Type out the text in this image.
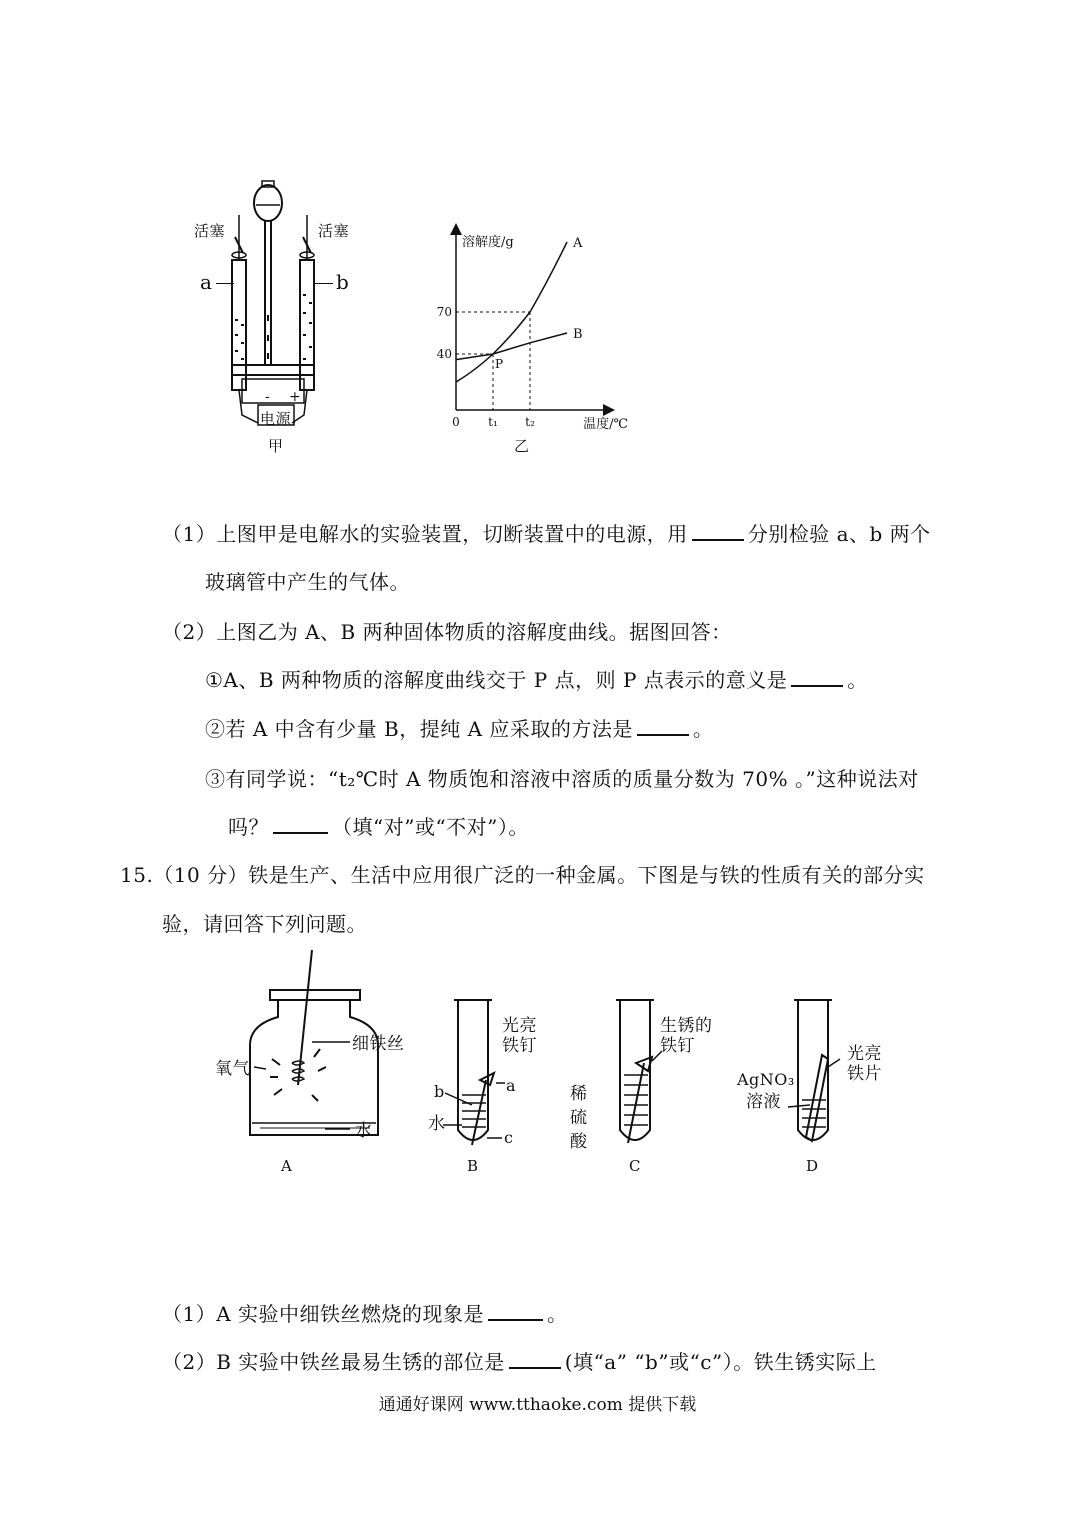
活塞	活塞
a	b
- +
电源
甲
A
B
70
40
0 t₁ t₂
P
溶解度/g
温度/℃
乙
（1）上图甲是电解水的实验装置，切断装置中的电源，用	分别检验 a、b 两个
玻璃管中产生的气体。
（2）上图乙为 A、B 两种固体物质的溶解度曲线。据图回答：
①A、B 两种物质的溶解度曲线交于 P 点，则 P 点表示的意义是	。
②若 A 中含有少量 B，提纯 A 应采取的方法是	。
③有同学说：“t₂℃时 A 物质饱和溶液中溶质的质量分数为 70% 。”这种说法对
吗？	（填“对”或“不对”）。
15.（10 分）铁是生产、生活中应用很广泛的一种金属。下图是与铁的性质有关的部分实
验，请回答下列问题。
细铁丝
氧气
水
A
光亮
铁钉
a
b
水
c
B
生锈的
铁钉
稀
硫
酸
C
AgNO₃
溶液
光亮
铁片
D
（1）A 实验中细铁丝燃烧的现象是	。
（2）B 实验中铁丝最易生锈的部位是	(填“a” “b”或“c”）。铁生锈实际上
通通好课网 www.tthaoke.com 提供下载
